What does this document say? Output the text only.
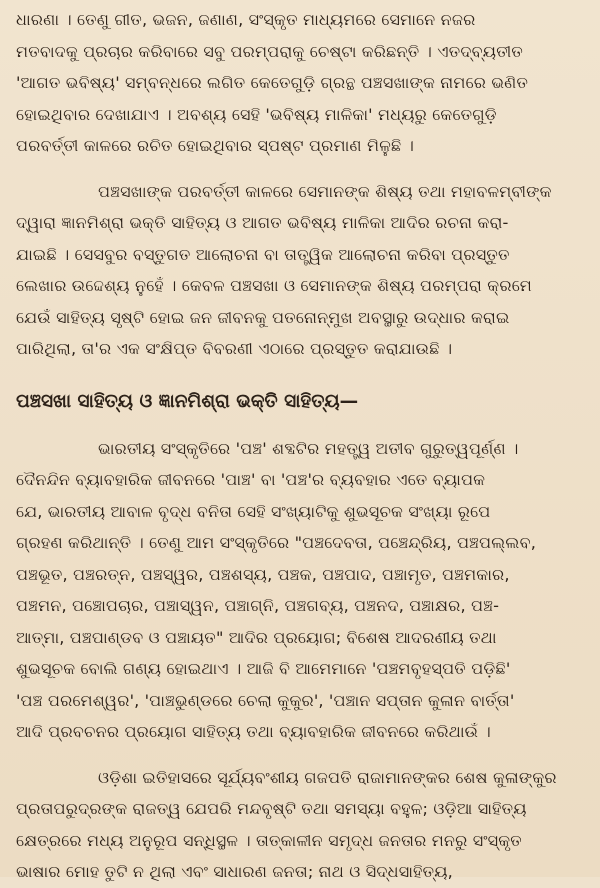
ଧାରଣା । ତେଣୁ ଗୀତ, ଭଜନ, ଜଣାଣ, ସଂସ୍କୃତ ମାଧ୍ୟମରେ ସେମାନେ ନଜର
ମତବାଦକୁ ପ୍ରଚାର କରିବାରେ ସବୁ ପରମ୍ପରାକୁ ଚେଷ୍ଟା କରିଛନ୍ତି । ଏତଦ୍ବ୍ୟତୀତ
'ଆଗତ ଭବିଷ୍ୟ' ସମ୍ବନ୍ଧରେ ଲଗିତ କେତେଗୁଡ଼ି ଗ୍ରନ୍ଥ ପଞ୍ଚସଖାଙ୍କ ନାମରେ ଭଣିତ
ହୋଇଥିବାର ଦେଖାଯାଏ । ଅବଶ୍ୟ ସେହି 'ଭବିଷ୍ୟ ମାଳିକା' ମଧ୍ୟରୁ କେତେଗୁଡ଼ି
ପରବର୍ତ୍ତୀ କାଳରେ ରଚିତ ହୋଇଥିବାର ସ୍ପଷ୍ଟ ପ୍ରମାଣ ମିଳୁଛି ।
ପଞ୍ଚସଖାଙ୍କ ପରବର୍ତ୍ତୀ କାଳରେ ସେମାନଙ୍କ ଶିଷ୍ୟ ତଥା ମହାବଳମ୍ବୀଙ୍କ
ଦ୍ୱାରା ଜ୍ଞାନମିଶ୍ରା ଭକ୍ତି ସାହିତ୍ୟ ଓ ଆଗତ ଭବିଷ୍ୟ ମାଳିକା ଆଦିର ରଚନା କରା-
ଯାଇଛି । ସେସବୁର ବସ୍ତୁଗତ ଆଲୋଚନା ବା ତାତ୍ତ୍ୱିକ ଆଲୋଚନା କରିବା ପ୍ରସ୍ତୁତ
ଲେଖାର ଉଦ୍ଦେଶ୍ୟ ନୁହେଁ । କେବଳ ପଞ୍ଚସଖା ଓ ସେମାନଙ୍କ ଶିଷ୍ୟ ପରମ୍ପରା କ୍ରମେ
ଯେଉଁ ସାହିତ୍ୟ ସୃଷ୍ଟି ହୋଇ ଜନ ଜୀବନକୁ ପତନୋନ୍ମୁଖ ଅବସ୍ଥାରୁ ଉଦ୍ଧାର କରାଇ
ପାରିଥିଲା, ତା'ର ଏକ ସଂକ୍ଷିପ୍ତ ବିବରଣୀ ଏଠାରେ ପ୍ରସ୍ତୁତ କରାଯାଉଛି ।
ପଞ୍ଚସଖା ସାହିତ୍ୟ ଓ ଜ୍ଞାନମିଶ୍ରା ଭକ୍ତି ସାହିତ୍ୟ—
ଭାରତୀୟ ସଂସ୍କୃତିରେ 'ପଞ୍ଚ' ଶବ୍ଦଟିର ମହତ୍ତ୍ୱ ଅତୀବ ଗୁରୁତ୍ୱପୂର୍ଣ୍ଣ ।
ଦୈନନ୍ଦିନ ବ୍ୟାବହାରିକ ଜୀବନରେ 'ପାଞ୍ଚ' ବା 'ପଞ୍ଚ'ର ବ୍ୟବହାର ଏତେ ବ୍ୟାପକ
ଯେ, ଭାରତୀୟ ଆବାଳ ବୃଦ୍ଧ ବନିତା ସେହି ସଂଖ୍ୟାଟିକୁ ଶୁଭସୂଚକ ସଂଖ୍ୟା ରୂପେ
ଗ୍ରହଣ କରିଥାନ୍ତି । ତେଣୁ ଆମ ସଂସ୍କୃତିରେ "ପଞ୍ଚଦେବତା, ପଞ୍ଚେନ୍ଦ୍ରିୟ, ପଞ୍ଚପଲ୍ଲବ,
ପଞ୍ଚଭୂତ, ପଞ୍ଚରତ୍ନ, ପଞ୍ଚସ୍ୱର, ପଞ୍ଚଶସ୍ୟ, ପଞ୍ଚକ, ପଞ୍ଚପାଦ, ପଞ୍ଚାମୃତ, ପଞ୍ଚମକାର,
ପଞ୍ଚମନ, ପଞ୍ଚୋପଚାର, ପଞ୍ଚାସ୍ୱନ, ପଞ୍ଚାଗ୍ନି, ପଞ୍ଚଗବ୍ୟ, ପଞ୍ଚନଦ, ପଞ୍ଚାକ୍ଷର, ପଞ୍ଚ-
ଆତ୍ମା, ପଞ୍ଚପାଣ୍ଡବ ଓ ପଞ୍ଚାୟତ" ଆଦିର ପ୍ରୟୋଗ; ବିଶେଷ ଆଦରଣୀୟ ତଥା
ଶୁଭସୂଚକ ବୋଲି ଗଣ୍ୟ ହୋଇଥାଏ । ଆଜି ବି ଆମେମାନେ 'ପଞ୍ଚମବୃହସ୍ପତି ପଡ଼ିଛି'
'ପଞ୍ଚ ପରମେଶ୍ୱର', 'ପାଞ୍ଚଭୁଣ୍ଡରେ ଚେଲା କୁକୁର', 'ପଞ୍ଚାନ ସପ୍ତାନ କୁଳାନ ବାର୍ତ୍ତା'
ଆଦି ପ୍ରବଚନର ପ୍ରୟୋଗ ସାହିତ୍ୟ ତଥା ବ୍ୟାବହାରିକ ଜୀବନରେ କରିଥାଉଁ ।
ଓଡ଼ିଶା ଇତିହାସରେ ସୂର୍ଯ୍ୟବଂଶୀୟ ଗଜପତି ରାଜାମାନଙ୍କର ଶେଷ କୁଳାଙ୍କୁର
ପ୍ରତାପରୁଦ୍ରଙ୍କ ରାଜତ୍ୱ ଯେପରି ମନ୍ଦବୃଷ୍ଟି ତଥା ସମସ୍ୟା ବହୁଳ; ଓଡ଼ିଆ ସାହିତ୍ୟ
କ୍ଷେତ୍ରରେ ମଧ୍ୟ ଅନୁରୂପ ସନ୍ଧିସ୍ଥଳ । ତାତ୍କାଳୀନ ସମୃଦ୍ଧ ଜନତାର ମନରୁ ସଂସ୍କୃତ
ଭାଷାର ମୋହ ତୁଟି ନ ଥିଲା ଏବଂ ସାଧାରଣ ଜନତା; ନାଥ ଓ ସିଦ୍ଧସାହିତ୍ୟ,
